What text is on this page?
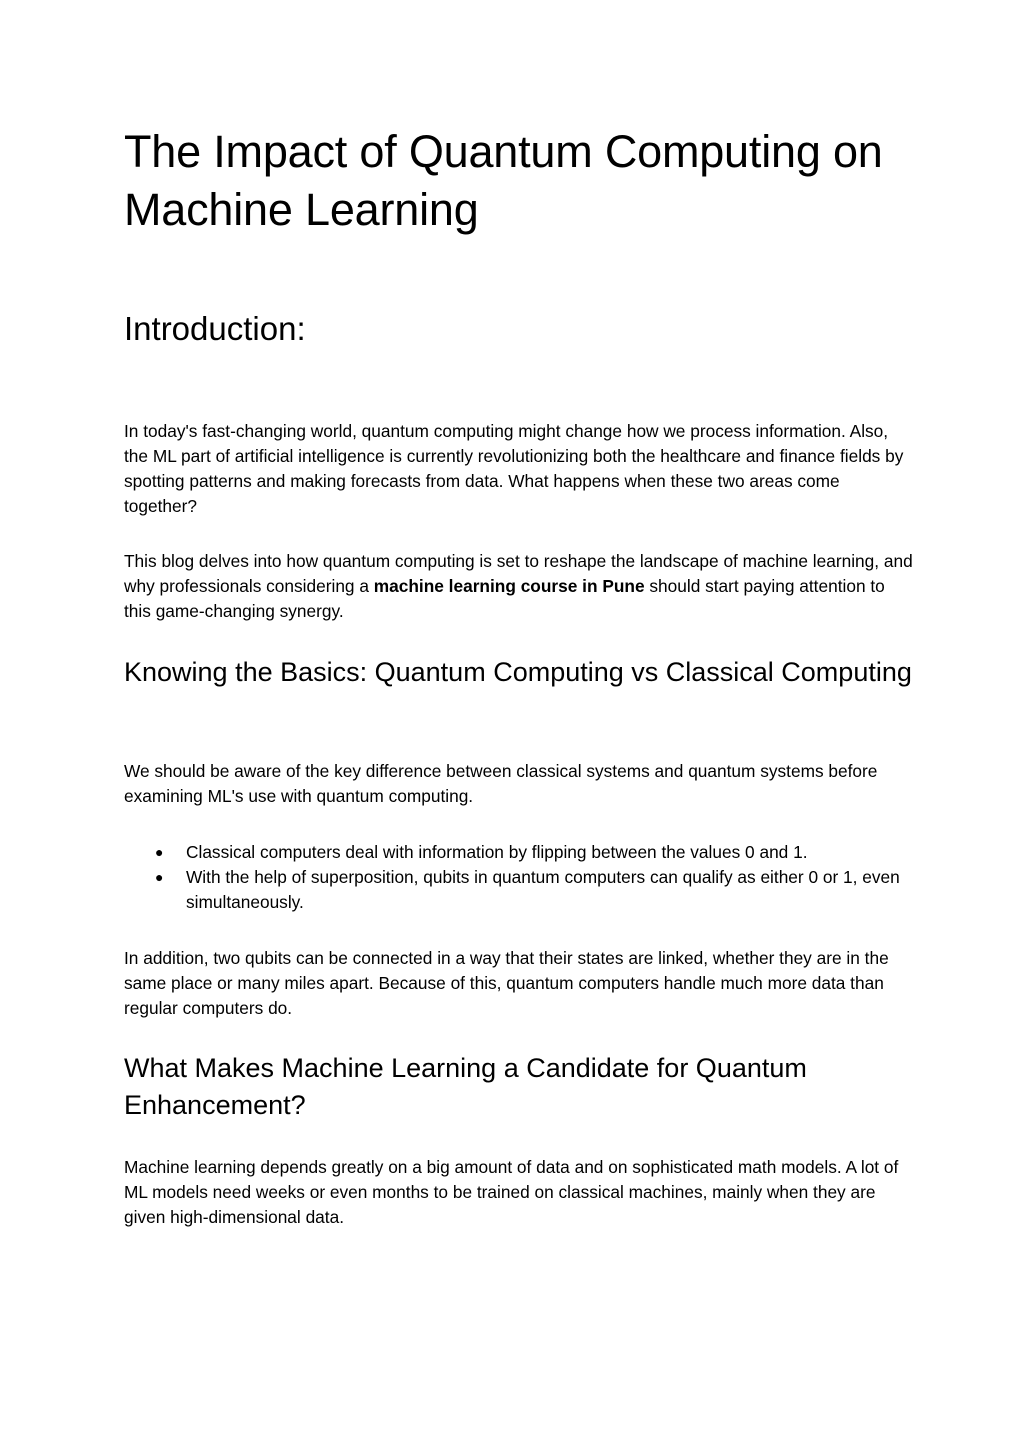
The Impact of Quantum Computing on Machine Learning
Introduction:

In today's fast-changing world, quantum computing might change how we process information. Also, the ML part of artificial intelligence is currently revolutionizing both the healthcare and finance fields by spotting patterns and making forecasts from data. What happens when these two areas come together?

This blog delves into how quantum computing is set to reshape the landscape of machine learning, and why professionals considering a machine learning course in Pune should start paying attention to this game-changing synergy.

Knowing the Basics: Quantum Computing vs Classical Computing

We should be aware of the key difference between classical systems and quantum systems before examining ML's use with quantum computing.

● Classical computers deal with information by flipping between the values 0 and 1.
● With the help of superposition, qubits in quantum computers can qualify as either 0 or 1, even simultaneously.

In addition, two qubits can be connected in a way that their states are linked, whether they are in the same place or many miles apart. Because of this, quantum computers handle much more data than regular computers do.

What Makes Machine Learning a Candidate for Quantum Enhancement?

Machine learning depends greatly on a big amount of data and on sophisticated math models. A lot of ML models need weeks or even months to be trained on classical machines, mainly when they are given high-dimensional data.
